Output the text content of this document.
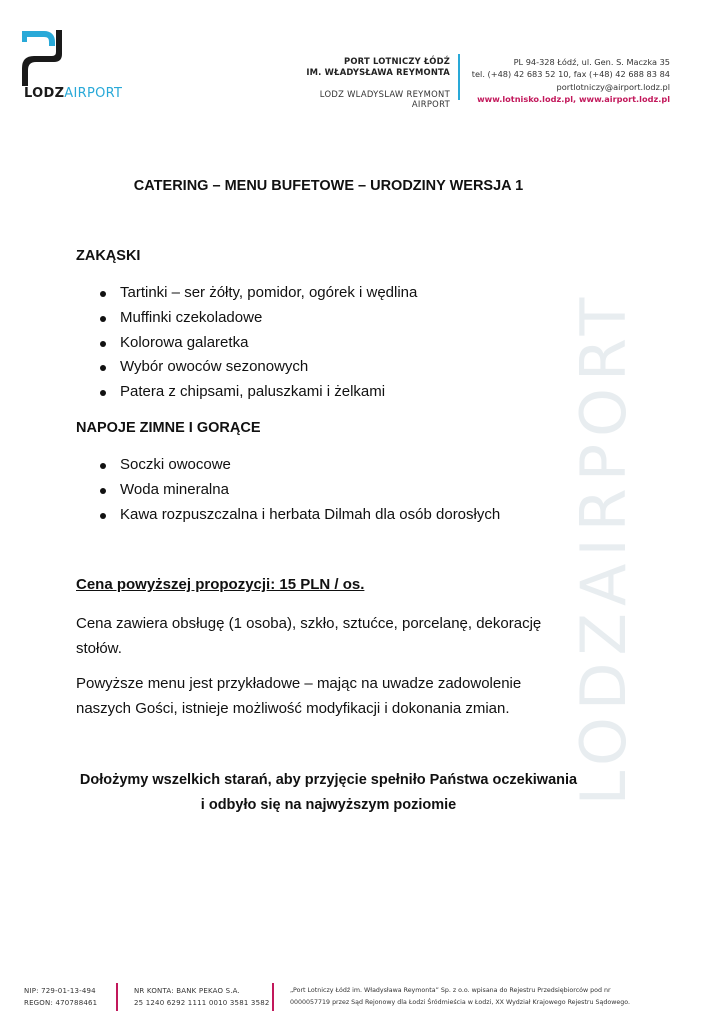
LODZAIRPORT
PORT LOTNICZY ŁÓDŹ
IM. WŁADYSŁAWA REYMONTA
LODZ WLADYSLAW REYMONT AIRPORT
PL 94-328 Łódź, ul. Gen. S. Maczka 35
tel. (+48) 42 683 52 10, fax (+48) 42 688 83 84
portlotniczy@airport.lodz.pl
www.lotnisko.lodz.pl, www.airport.lodz.pl
LODZAIRPORT
CATERING – MENU BUFETOWE – URODZINY WERSJA 1
ZAKĄSKI
Tartinki – ser żółty, pomidor, ogórek i wędlina
Muffinki czekoladowe
Kolorowa galaretka
Wybór owoców sezonowych
Patera z chipsami, paluszkami i żelkami
NAPOJE ZIMNE I GORĄCE
Soczki owocowe
Woda mineralna
Kawa rozpuszczalna i herbata Dilmah dla osób dorosłych
Cena powyższej propozycji: 15 PLN / os.
Cena zawiera obsługę (1 osoba), szkło, sztućce, porcelanę, dekorację stołów.
Powyższe menu jest przykładowe – mając na uwadze zadowolenie naszych Gości, istnieje możliwość modyfikacji i dokonania zmian.
Dołożymy wszelkich starań, aby przyjęcie spełniło Państwa oczekiwania i odbyło się na najwyższym poziomie
NIP: 729-01-13-494
REGON: 470788461
NR KONTA: BANK PEKAO S.A.
25 1240 6292 1111 0010 3581 3582
„Port Lotniczy Łódź im. Władysława Reymonta” Sp. z o.o. wpisana do Rejestru Przedsiębiorców pod nr
0000057719 przez Sąd Rejonowy dla Łodzi Śródmieścia w Łodzi, XX Wydział Krajowego Rejestru Sądowego.
